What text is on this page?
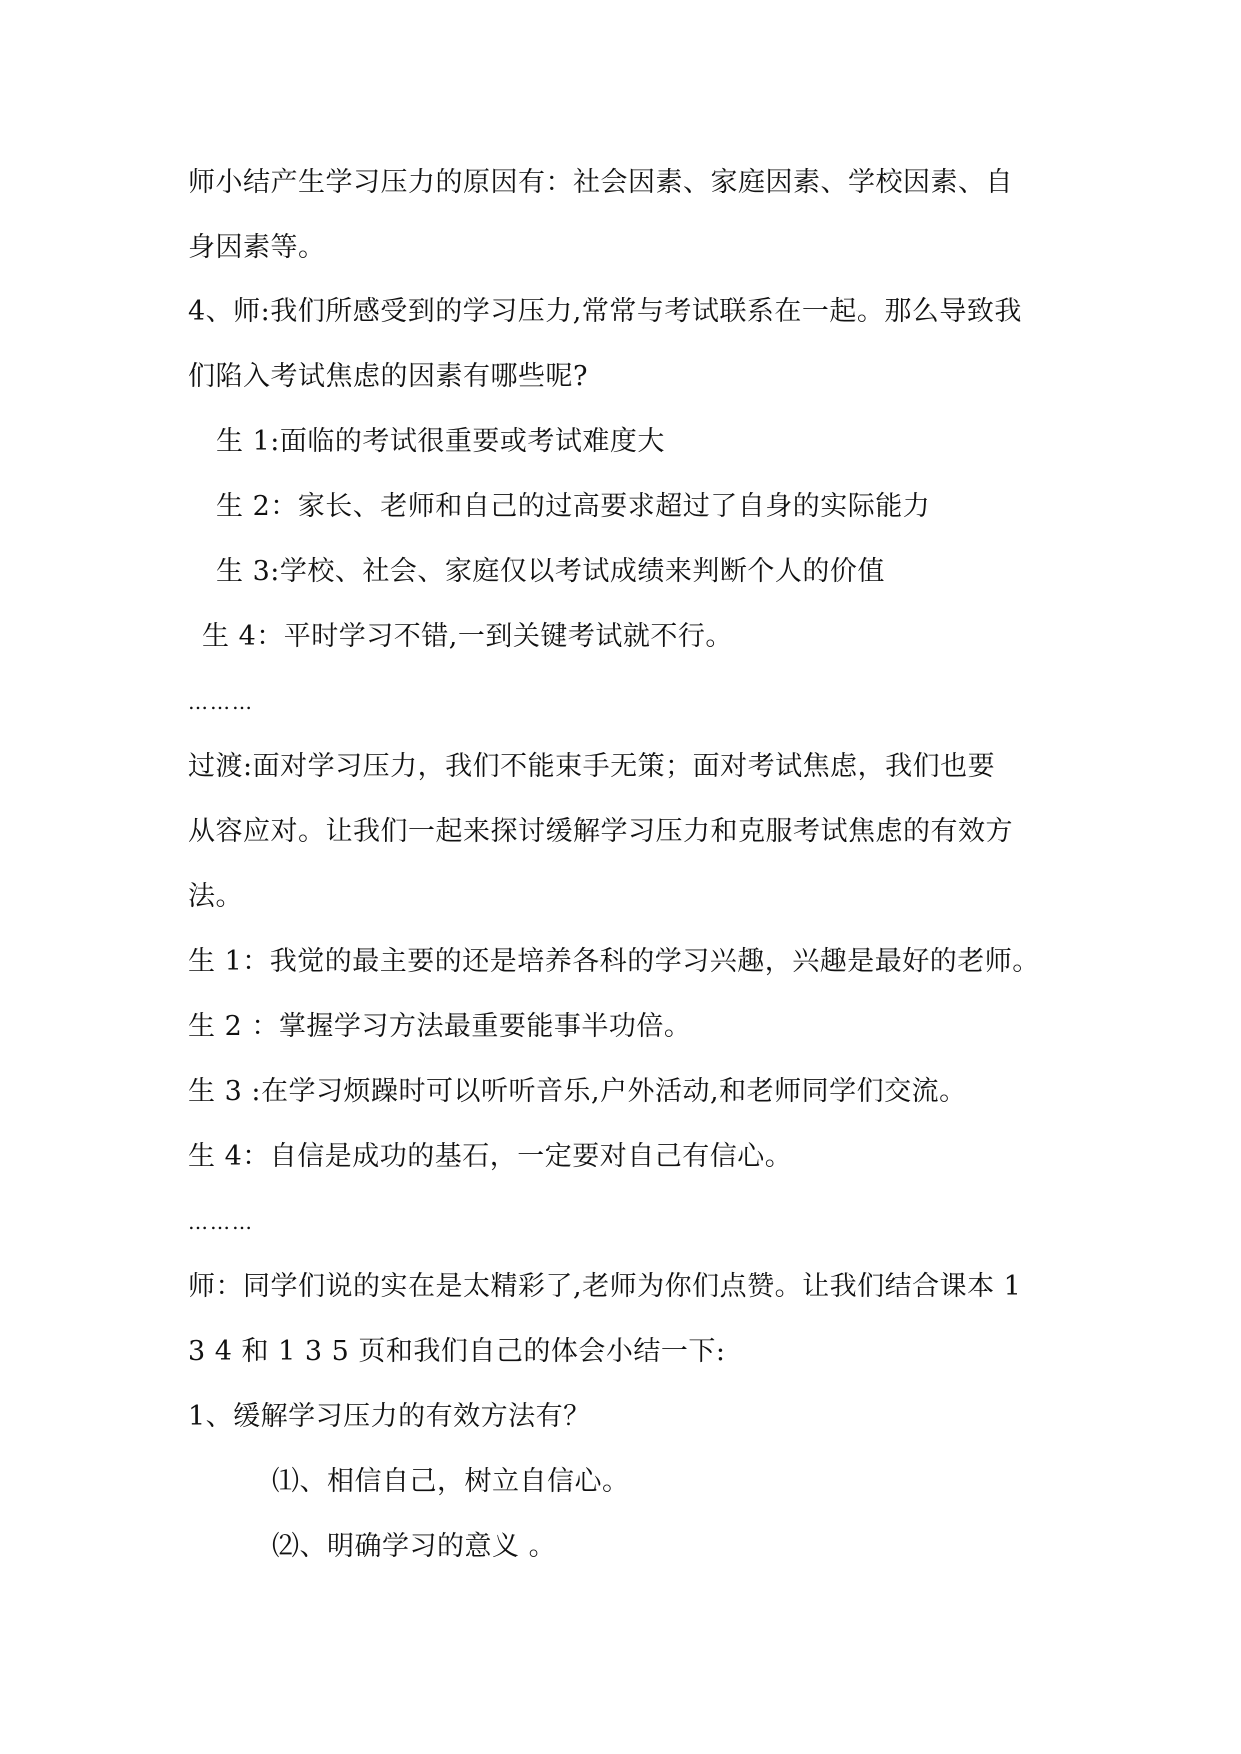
师小结产生学习压力的原因有：社会因素、家庭因素、学校因素、自
身因素等。
4、师:我们所感受到的学习压力,常常与考试联系在一起。那么导致我
们陷入考试焦虑的因素有哪些呢?
生 1:面临的考试很重要或考试难度大
生 2：家长、老师和自己的过高要求超过了自身的实际能力
生 3:学校、社会、家庭仅以考试成绩来判断个人的价值
生 4：平时学习不错,一到关键考试就不行。
………
过渡:面对学习压力，我们不能束手无策；面对考试焦虑，我们也要
从容应对。让我们一起来探讨缓解学习压力和克服考试焦虑的有效方
法。
生 1：我觉的最主要的还是培养各科的学习兴趣，兴趣是最好的老师。
生 2 ：掌握学习方法最重要能事半功倍。
生 3 :在学习烦躁时可以听听音乐,户外活动,和老师同学们交流。
生 4：自信是成功的基石，一定要对自己有信心。
………
师：同学们说的实在是太精彩了,老师为你们点赞。让我们结合课本 1
3 4 和 1 3 5 页和我们自己的体会小结一下:
1、缓解学习压力的有效方法有？
⑴、相信自己，树立自信心。
⑵、明确学习的意义 。
